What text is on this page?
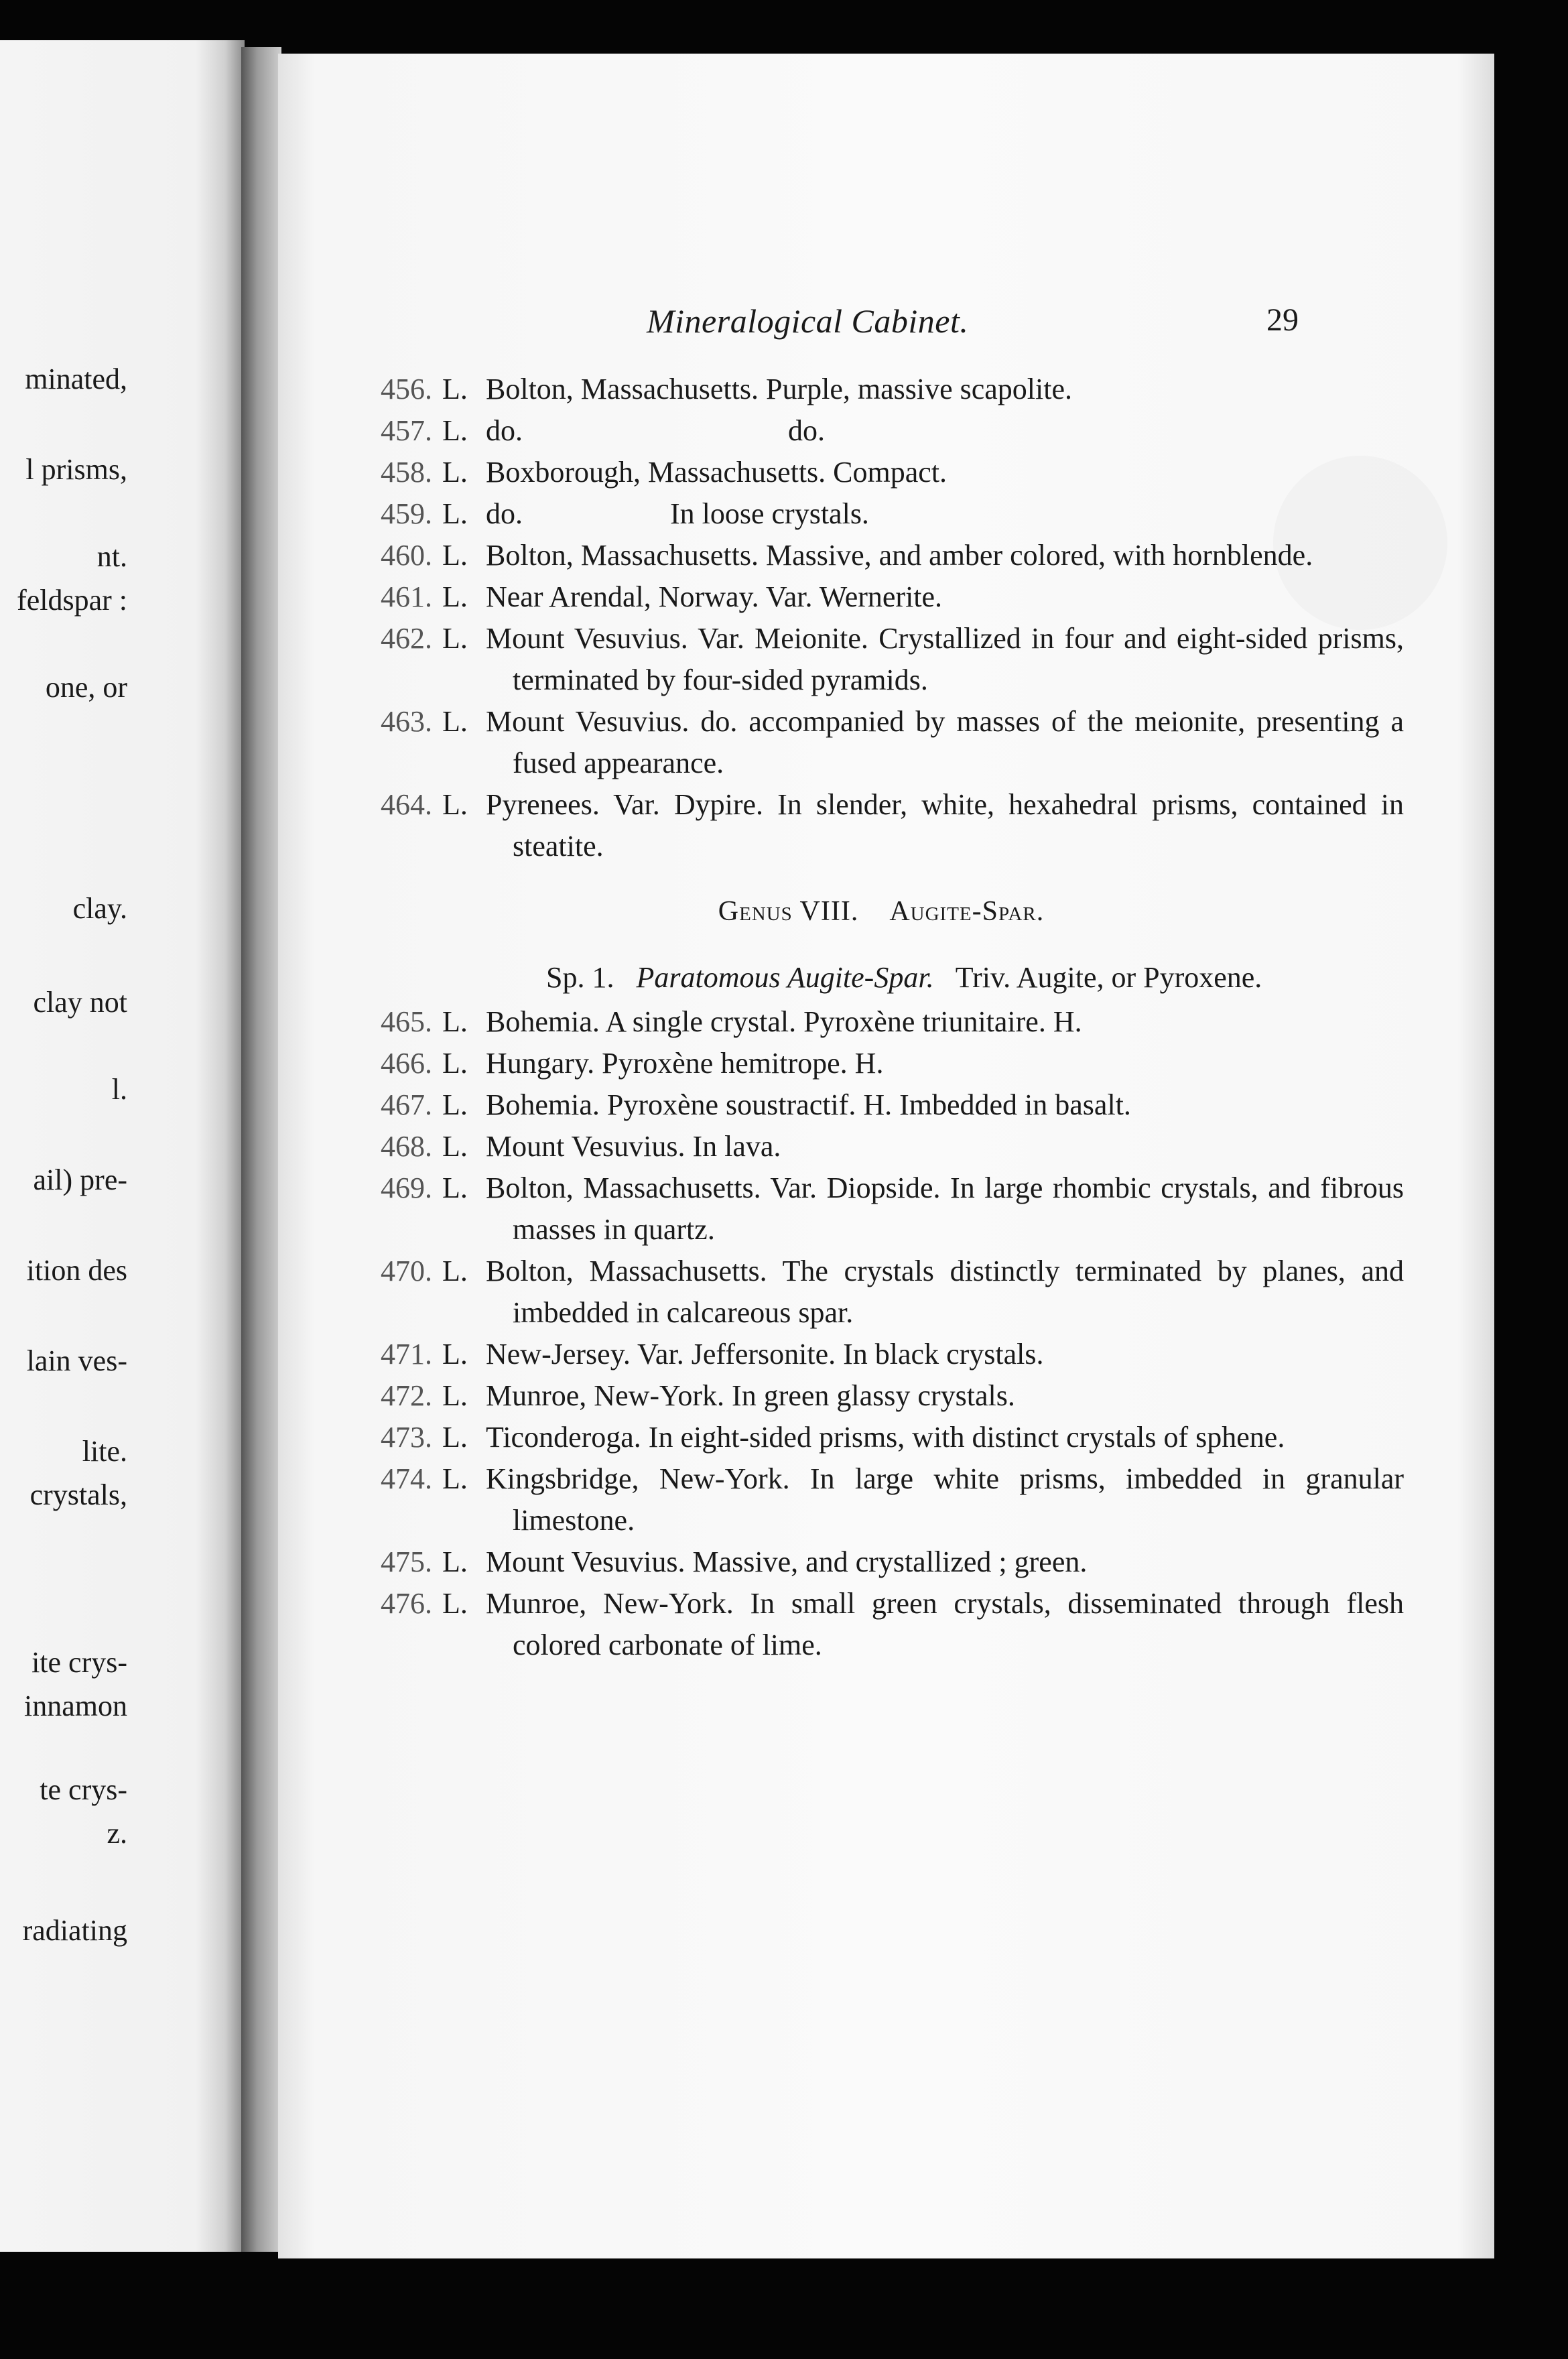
minated,
l prisms,
nt.
feldspar :
one, or
clay.
clay not
l.
ail) pre-
ition des
lain ves-
lite.
crystals,
ite crys-
innamon
te crys-
z.
radiating
Mineralogical Cabinet.	29
456. L. Bolton, Massachusetts. Purple, massive scapolite.
457. L. do.                                    do.
458. L. Boxborough, Massachusetts. Compact.
459. L. do.                    In loose crystals.
460. L. Bolton, Massachusetts. Massive, and amber colored, with hornblende.
461. L. Near Arendal, Norway. Var. Wernerite.
462. L. Mount Vesuvius. Var. Meionite. Crystallized in four and eight-sided prisms, terminated by four-sided pyramids.
463. L. Mount Vesuvius. do. accompanied by masses of the meionite, presenting a fused appearance.
464. L. Pyrenees. Var. Dypire. In slender, white, hexahedral prisms, contained in steatite.
Genus VIII. Augite-Spar.
Sp. 1. Paratomous Augite-Spar. Triv. Augite, or Pyroxene.
465. L. Bohemia. A single crystal. Pyroxène triunitaire. H.
466. L. Hungary. Pyroxène hemitrope. H.
467. L. Bohemia. Pyroxène soustractif. H. Imbedded in basalt.
468. L. Mount Vesuvius. In lava.
469. L. Bolton, Massachusetts. Var. Diopside. In large rhombic crystals, and fibrous masses in quartz.
470. L. Bolton, Massachusetts. The crystals distinctly terminated by planes, and imbedded in calcareous spar.
471. L. New-Jersey. Var. Jeffersonite. In black crystals.
472. L. Munroe, New-York. In green glassy crystals.
473. L. Ticonderoga. In eight-sided prisms, with distinct crystals of sphene.
474. L. Kingsbridge, New-York. In large white prisms, imbedded in granular limestone.
475. L. Mount Vesuvius. Massive, and crystallized ; green.
476. L. Munroe, New-York. In small green crystals, disseminated through flesh colored carbonate of lime.
